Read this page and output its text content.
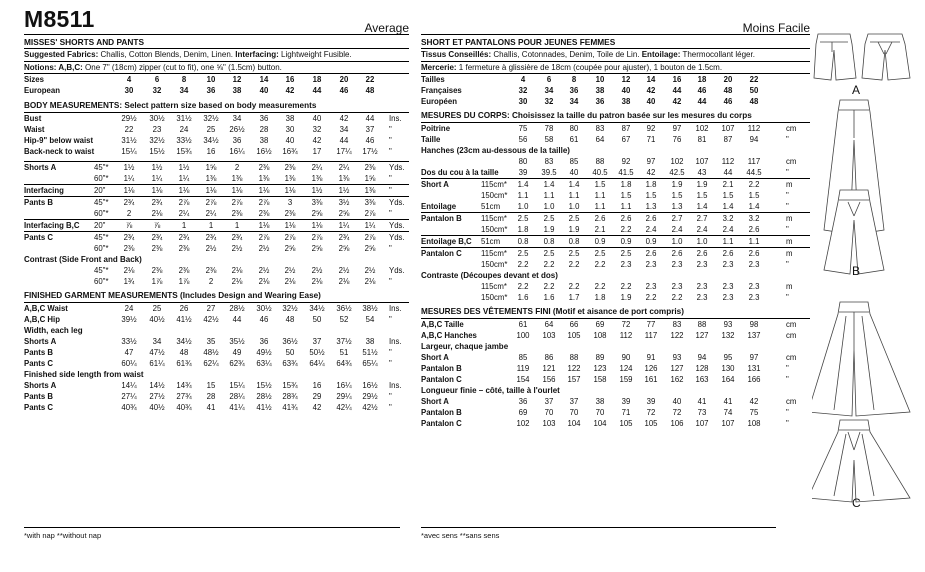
M8511	Average
MISSES' SHORTS AND PANTS
Suggested Fabrics: Challis, Cotton Blends, Denim, Linen. Interfacing: Lightweight Fusible.
Notions: A,B,C: One 7" (18cm) zipper (cut to fit), one ⅝" (1.5cm) button.
Sizes	4	6	8	10	12	14	16	18	20	22
European	30	32	34	36	38	40	42	44	46	48
BODY MEASUREMENTS: Select pattern size based on body measurements
Bust	29½	30½	31½	32½	34	36	38	40	42	44	Ins.
Waist	22	23	24	25	26½	28	30	32	34	37	"
Hip-9" below waist	31½	32½	33½	34½	36	38	40	42	44	46	"
Back-neck to waist	15¼	15½	15¾	16	16¼	16½	16¾	17	17¼	17½	"
Shorts A	45"*	1½	1½	1½	1⅝	2	2⅜	2⅜	2¼	2¼	2⅜	Yds.
60"*	1¼	1¼	1¼	1⅜	1⅜	1⅜	1⅜	1⅜	1⅜	1⅝	"
Interfacing	20"	1⅛	1⅛	1⅛	1⅛	1⅛	1⅛	1⅛	1½	1½	1⅜	"
Pants B	45"*	2¾	2¾	2⅞	2⅞	2⅞	2⅞	3	3⅜	3½	3⅜	Yds.
60"*	2	2⅛	2¼	2¼	2⅜	2⅜	2⅜	2⅝	2⅝	2⅞	"
Interfacing B,C 20"	⅞	⅞	1	1	1	1⅛	1⅛	1⅛	1¼	1¼	Yds.
Pants C	45"*	2¾	2¾	2¾	2¾	2¾	2⅞	2⅞	2⅞	2¾	2⅞	Yds.
60"*	2⅜	2⅜	2⅜	2½	2½	2½	2⅝	2⅝	2⅝	2⅝	"
Contrast (Side Front and Back)
45"*	2⅛	2⅜	2⅜	2⅜	2⅛	2½	2½	2½	2½	2½	Yds.
60"*	1¾	1⅞	1⅞	2	2⅛	2⅛	2⅛	2⅛	2⅛	2⅛	"
FINISHED GARMENT MEASUREMENTS (Includes Design and Wearing Ease)
A,B,C Waist	24	25	26	27	28½	30½	32½	34½	36½	38½	Ins.
A,B,C Hip	39½	40½	41½	42½	44	46	48	50	52	54	"
Width, each leg
Shorts A	33½	34	34½	35	35½	36	36½	37	37½	38	Ins.
Pants B	47	47½	48	48½	49	49½	50	50½	51	51½	"
Pants C	60¼	61¼	61¾	62¼	62¾	63¼	63¾	64¼	64¾	65¼	"
Finished side length from waist
Shorts A	14¼	14½	14¾	15	15¼	15½	15¾	16	16¼	16½	Ins.
Pants B	27¼	27½	27¾	28	28¼	28½	28¾	29	29¼	29½	"
Pants C	40¾	40½	40¾	41	41¼	41½	41¾	42	42¼	42½	"
*with nap **without nap
Moins Facile
SHORT ET PANTALONS POUR JEUNES FEMMES
Tissus Conseillés: Challis, Cotonnades, Denim, Toile de Lin. Entoilage: Thermocollant léger.
Mercerie: 1 fermeture à glissière de 18cm (coupée pour ajuster), 1 bouton de 1.5cm.
Tailles	4	6	8	10	12	14	16	18	20	22
Françaises	32	34	36	38	40	42	44	46	48	50
Européen	30	32	34	36	38	40	42	44	46	48
MESURES DU CORPS: Choisissez la taille du patron basée sur les mesures du corps
Poitrine	75	78	80	83	87	92	97	102	107	112	cm
Taille	56	58	61	64	67	71	76	81	87	94	"
Hanches (23cm au-dessous de la taille)
80	83	85	88	92	97	102	107	112	117	cm
Dos du cou à la taille	39	39.5	40	40.5	41.5	42	42.5	43	44	44.5	"
Short A	115cm*	1.4	1.4	1.4	1.5	1.8	1.8	1.9	1.9	2.1	2.2	m
150cm*	1.1	1.1	1.1	1.1	1.5	1.5	1.5	1.5	1.5	1.5	"
Entoilage	51cm	1.0	1.0	1.0	1.1	1.1	1.3	1.3	1.4	1.4	1.4	"
Pantalon B 115cm*	2.5	2.5	2.5	2.6	2.6	2.6	2.7	2.7	3.2	3.2	m
150cm*	1.8	1.9	1.9	2.1	2.2	2.4	2.4	2.4	2.4	2.6	"
Entoilage B,C 51cm	0.8	0.8	0.8	0.9	0.9	0.9	1.0	1.0	1.1	1.1	m
Pantalon C 115cm*	2.5	2.5	2.5	2.5	2.5	2.6	2.6	2.6	2.6	2.6	m
150cm*	2.2	2.2	2.2	2.2	2.3	2.3	2.3	2.3	2.3	2.3	"
Contraste (Découpes devant et dos)
115cm*	2.2	2.2	2.2	2.2	2.2	2.3	2.3	2.3	2.3	2.3	m
150cm*	1.6	1.6	1.7	1.8	1.9	2.2	2.2	2.3	2.3	2.3	"
MESURES DES VÊTEMENTS FINI (Motif et aisance de port compris)
A,B,C Taille	61	64	66	69	72	77	83	88	93	98	cm
A,B,C Hanches	100	103	105	108	112	117	122	127	132	137	cm
Largeur, chaque jambe
Short A	85	86	88	89	90	91	93	94	95	97	cm
Pantalon B	119	121	122	123	124	126	127	128	130	131	"
Pantalon C	154	156	157	158	159	161	162	163	164	166	"
Longueur finie – côté, taille à l'ourlet
Short A	36	37	37	38	39	39	40	41	41	42	cm
Pantalon B	69	70	70	70	71	72	72	73	74	75	"
Pantalon C	102	103	104	104	105	105	106	107	107	108	"
*avec sens **sans sens
A
B
C
